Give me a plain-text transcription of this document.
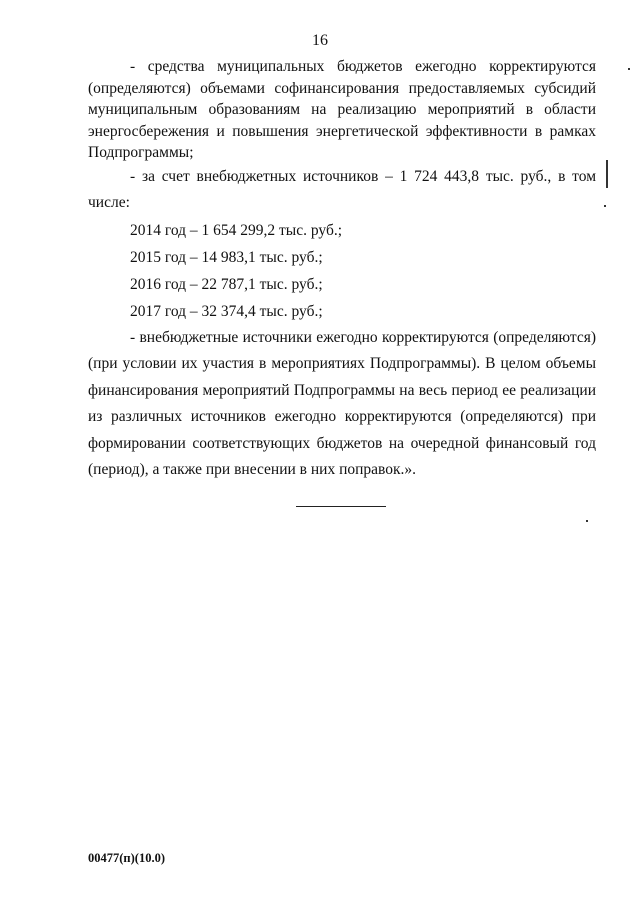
16

- средства муниципальных бюджетов ежегодно корректируются (определяются) объемами софинансирования предоставляемых субсидий муниципальным образованиям на реализацию мероприятий в области энергосбережения и повышения энергетической эффективности в рамках Подпрограммы;

- за счет внебюджетных источников – 1 724 443,8 тыс. руб., в том числе:

2014 год – 1 654 299,2 тыс. руб.;

2015 год – 14 983,1 тыс. руб.;

2016 год – 22 787,1 тыс. руб.;

2017 год – 32 374,4 тыс. руб.;

- внебюджетные источники ежегодно корректируются (определяются) (при условии их участия в мероприятиях Подпрограммы). В целом объемы финансирования мероприятий Подпрограммы на весь период ее реализации из различных источников ежегодно корректируются (определяются) при формировании соответствующих бюджетов на очередной финансовый год (период), а также при внесении в них поправок.».

00477(п)(10.0)
